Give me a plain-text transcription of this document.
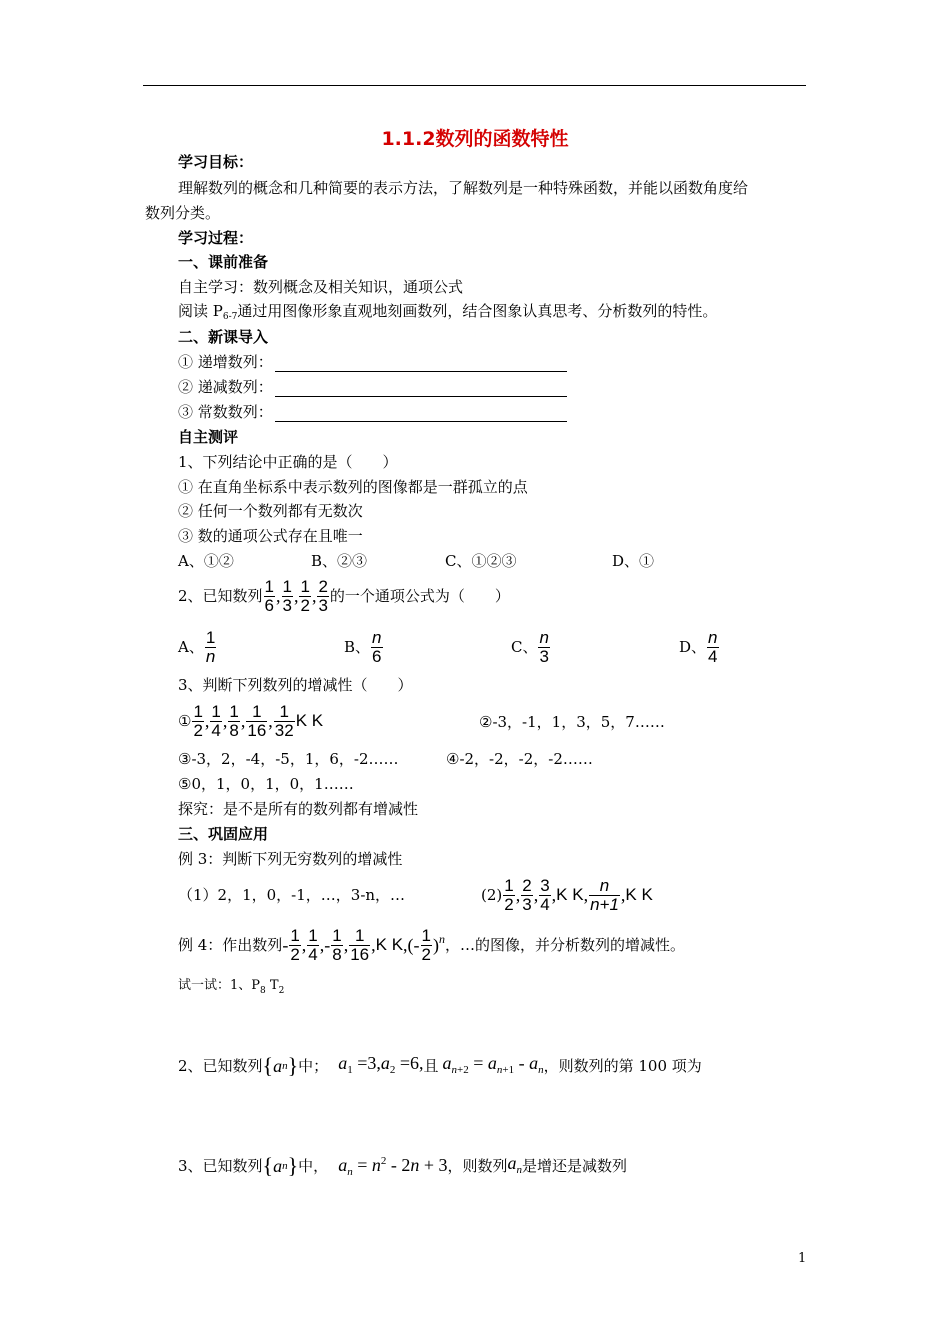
1.1.2数列的函数特性
学习目标：
理解数列的概念和几种简要的表示方法，了解数列是一种特殊函数，并能以函数角度给
数列分类。
学习过程：
一、课前准备
自主学习：数列概念及相关知识，通项公式
阅读 $P_{6-7}$通过用图像形象直观地刻画数列，结合图象认真思考、分析数列的特性。
二、新课导入
① 递增数列：
② 递减数列：
③ 常数数列：
自主测评
1、下列结论中正确的是（　　）
① 在直角坐标系中表示数列的图像都是一群孤立的点
② 任何一个数列都有无数次
③ 数的通项公式存在且唯一
A、①②	B、②③	C、①②③	D、①
2、已知数列 $\frac{1}{6}$ , $\frac{1}{3}$ , $\frac{1}{2}$ , $\frac{2}{3}$ 的一个通项公式为（　　）
A、 $\frac{1}{n}$	B、 $\frac{n}{6}$	C、 $\frac{n}{3}$	D、 $\frac{n}{4}$
3、判断下列数列的增减性（　　）
① $\frac{1}{2}$ , $\frac{1}{4}$ , $\frac{1}{8}$ , $\frac{1}{16}$ , $\frac{1}{32}$ K K	②-3，-1，1，3，5，7……
③-3，2，-4，-5，1，6，-2……	④-2，-2，-2，-2……
⑤0，1，0，1，0，1……
探究：是不是所有的数列都有增减性
三、巩固应用
例 3：判断下列无穷数列的增减性
（1）2，1，0，-1，…，3-n，…	$(2) \frac{1}{2}$ , $\frac{2}{3}$ , $\frac{3}{4}$ , K K , $\frac{n}{n+1}$ , K K
例 4：作出数列 - $\frac{1}{2}$ , $\frac{1}{4}$ ,- $\frac{1}{8}$ , $\frac{1}{16}$ , K K ,(- $\frac{1}{2}$ ) n ，…的图像，并分析数列的增减性。
试一试：1、$P_8$ $T_2$
2、已知数列 { a n } 中； $a_1 =3,a_2 =6$, 且 $a_{n+2} = a_{n+1} - a_n$ ，则数列的第 100 项为
3、已知数列 { a n } 中， $a_n = n^2 - 2n + 3$ ，则数列 $a_n$ 是增还是减数列
1
